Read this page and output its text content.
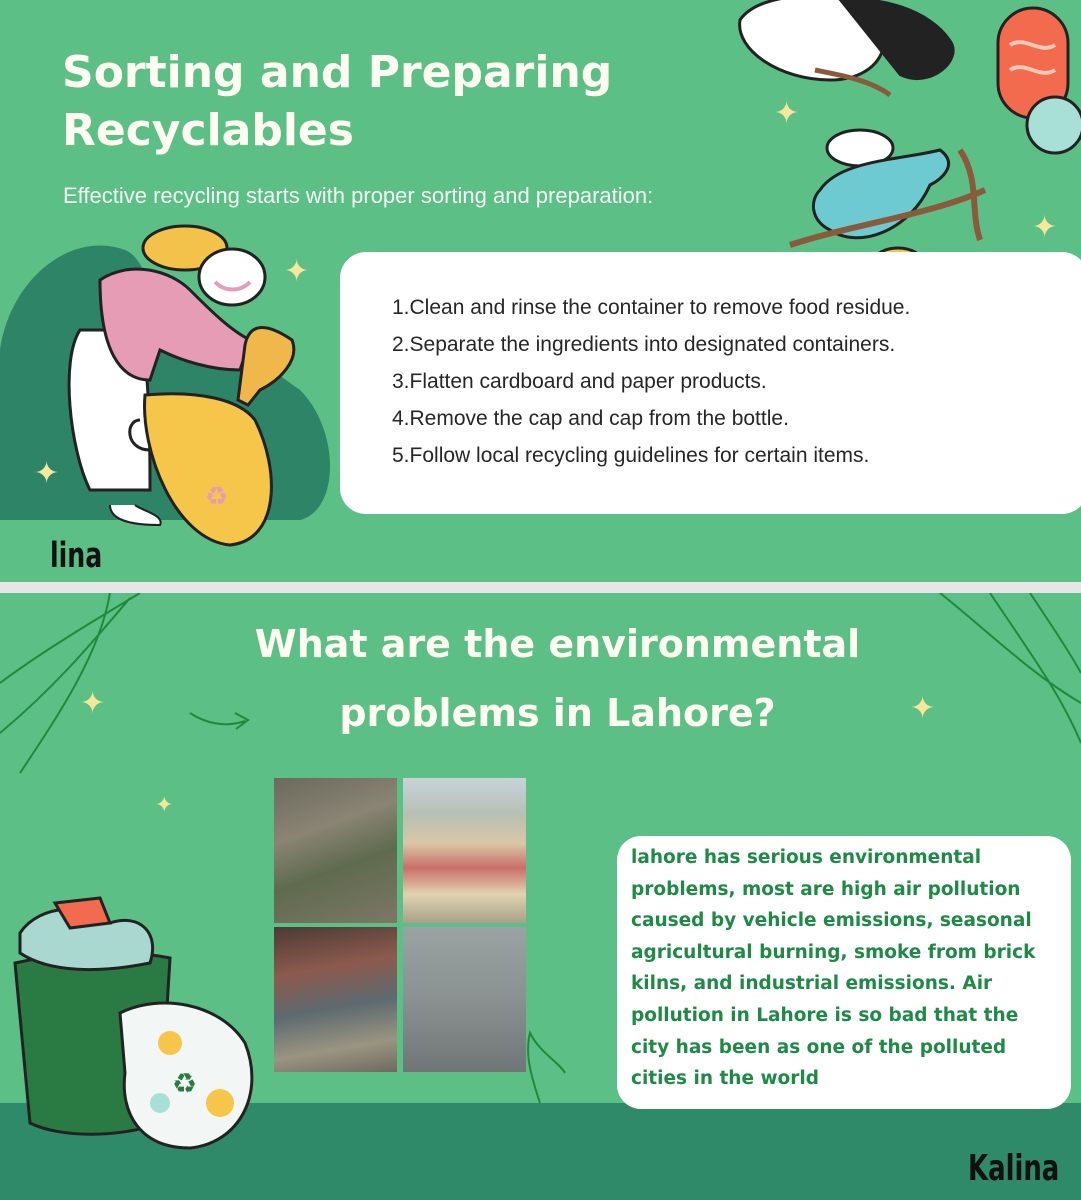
Sorting and Preparing Recyclables

Effective recycling starts with proper sorting and preparation:

♻
✦
✦
✦
✦
1.Clean and rinse the container to remove food residue.
2.Separate the ingredients into designated containers.
3.Flatten cardboard and paper products.
4.Remove the cap and cap from the bottle.
5.Follow local recycling guidelines for certain items.
lina
What are the environmental
problems in Lahore?
✦
✦
✦
♻

lahore has serious environmental problems, most are high air pollution caused by vehicle emissions, seasonal agricultural burning, smoke from brick kilns, and industrial emissions. Air pollution in Lahore is so bad that the city has been as one of the polluted cities in the world

Kalina
